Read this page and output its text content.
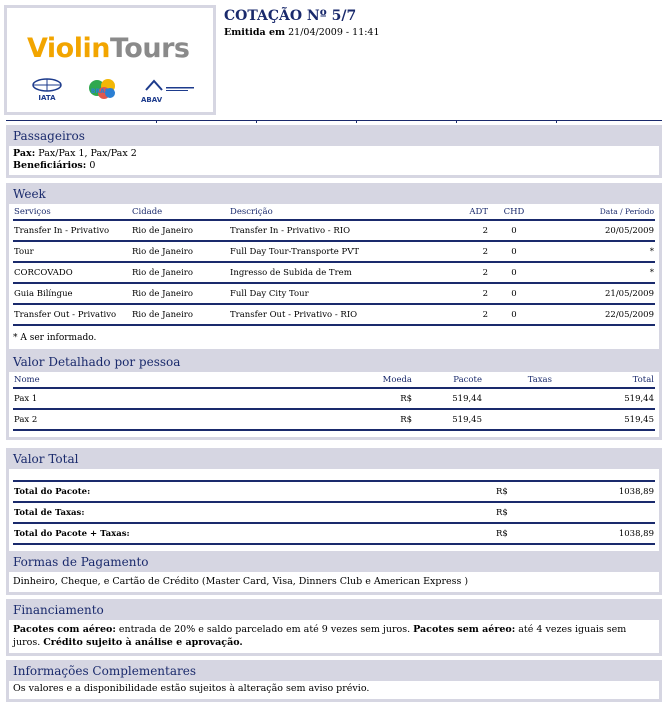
ViolinTours
IATA
BRASIL
ABAV
COTAÇÃO Nº 5/7
Emitida em 21/04/2009 - 11:41
Passageiros
Pax: Pax/Pax 1, Pax/Pax 2
Beneficiários: 0
Week
Serviços	Cidade	Descrição	ADT	CHD	Data / Período
Transfer In - Privativo	Rio de Janeiro	Transfer In - Privativo - RIO	2	0	20/05/2009
Tour	Rio de Janeiro	Full Day Tour-Transporte PVT	2	0	*
CORCOVADO	Rio de Janeiro	Ingresso de Subida de Trem	2	0	*
Guia Bilíngue	Rio de Janeiro	Full Day City Tour	2	0	21/05/2009
Transfer Out - Privativo	Rio de Janeiro	Transfer Out - Privativo - RIO	2	0	22/05/2009
* A ser informado.
Valor Detalhado por pessoa
Nome	Moeda	Pacote	Taxas	Total
Pax 1	R$	519,44		519,44
Pax 2	R$	519,45		519,45
Valor Total

Total do Pacote:	R$	1038,89
Total de Taxas:	R$	
Total do Pacote + Taxas:	R$	1038,89
Formas de Pagamento
Dinheiro, Cheque, e Cartão de Crédito (Master Card, Visa, Dinners Club e American Express )
Financiamento
Pacotes com aéreo: entrada de 20% e saldo parcelado em até 9 vezes sem juros. Pacotes sem aéreo: até 4 vezes iguais sem juros. Crédito sujeito à análise e aprovação.
Informações Complementares
Os valores e a disponibilidade estão sujeitos à alteração sem aviso prévio.
